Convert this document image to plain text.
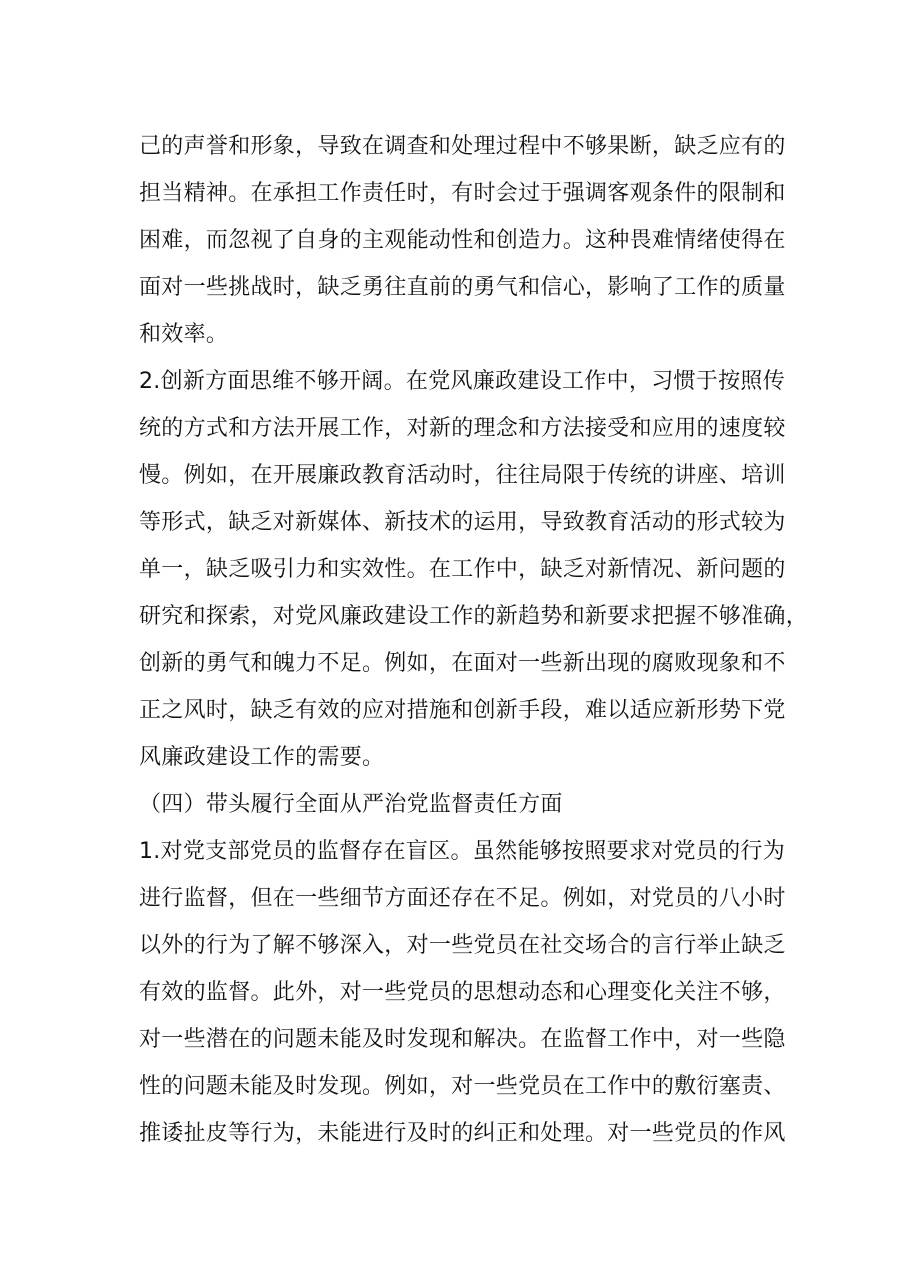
己的声誉和形象，导致在调查和处理过程中不够果断，缺乏应有的
担当精神。在承担工作责任时，有时会过于强调客观条件的限制和
困难，而忽视了自身的主观能动性和创造力。这种畏难情绪使得在
面对一些挑战时，缺乏勇往直前的勇气和信心，影响了工作的质量
和效率。
2.创新方面思维不够开阔。在党风廉政建设工作中，习惯于按照传
统的方式和方法开展工作，对新的理念和方法接受和应用的速度较
慢。例如，在开展廉政教育活动时，往往局限于传统的讲座、培训
等形式，缺乏对新媒体、新技术的运用，导致教育活动的形式较为
单一，缺乏吸引力和实效性。在工作中，缺乏对新情况、新问题的
研究和探索，对党风廉政建设工作的新趋势和新要求把握不够准确，
创新的勇气和魄力不足。例如，在面对一些新出现的腐败现象和不
正之风时，缺乏有效的应对措施和创新手段，难以适应新形势下党
风廉政建设工作的需要。
（四）带头履行全面从严治党监督责任方面
1.对党支部党员的监督存在盲区。虽然能够按照要求对党员的行为
进行监督，但在一些细节方面还存在不足。例如，对党员的八小时
以外的行为了解不够深入，对一些党员在社交场合的言行举止缺乏
有效的监督。此外，对一些党员的思想动态和心理变化关注不够，
对一些潜在的问题未能及时发现和解决。在监督工作中，对一些隐
性的问题未能及时发现。例如，对一些党员在工作中的敷衍塞责、
推诿扯皮等行为，未能进行及时的纠正和处理。对一些党员的作风
